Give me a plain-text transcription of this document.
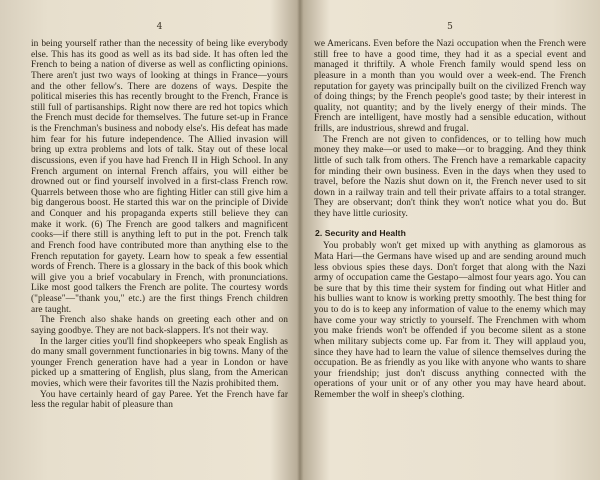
4

in being yourself rather than the necessity of being like everybody else. This has its good as well as its bad side. It has often led the French to being a nation of diverse as well as conflicting opinions. There aren't just two ways of looking at things in France—yours and the other fellow's. There are dozens of ways. Despite the political miseries this has recently brought to the French, France is still full of partisanships. Right now there are red hot topics which the French must decide for themselves. The future set-up in France is the Frenchman's business and nobody else's. His defeat has made him fear for his future independence. The Allied invasion will bring up extra problems and lots of talk. Stay out of these local discussions, even if you have had French II in High School. In any French argument on internal French affairs, you will either be drowned out or find yourself involved in a first-class French row. Quarrels between those who are fighting Hitler can still give him a big dangerous boost. He started this war on the principle of Divide and Conquer and his propaganda experts still believe they can make it work. (6) The French are good talkers and magnificent cooks—if there still is anything left to put in the pot. French talk and French food have contributed more than anything else to the French reputation for gayety. Learn how to speak a few essential words of French. There is a glossary in the back of this book which will give you a brief vocabulary in French, with pronunciations. Like most good talkers the French are polite. The courtesy words ("please"—"thank you," etc.) are the first things French children are taught.

The French also shake hands on greeting each other and on saying goodbye. They are not back-slappers. It's not their way.

In the larger cities you'll find shopkeepers who speak English as do many small government functionaries in big towns. Many of the younger French generation have had a year in London or have picked up a smattering of English, plus slang, from the American movies, which were their favorites till the Nazis prohibited them.

You have certainly heard of gay Paree. Yet the French have far less the regular habit of pleasure than

5

we Americans. Even before the Nazi occupation when the French were still free to have a good time, they had it as a special event and managed it thriftily. A whole French family would spend less on pleasure in a month than you would over a week-end. The French reputation for gayety was principally built on the civilized French way of doing things; by the French people's good taste; by their interest in quality, not quantity; and by the lively energy of their minds. The French are intelligent, have mostly had a sensible education, without frills, are industrious, shrewd and frugal.

The French are not given to confidences, or to telling how much money they make—or used to make—or to bragging. And they think little of such talk from others. The French have a remarkable capacity for minding their own business. Even in the days when they used to travel, before the Nazis shut down on it, the French never used to sit down in a railway train and tell their private affairs to a total stranger. They are observant; don't think they won't notice what you do. But they have little curiosity.

2. Security and Health

You probably won't get mixed up with anything as glamorous as Mata Hari—the Germans have wised up and are sending around much less obvious spies these days. Don't forget that along with the Nazi army of occupation came the Gestapo—almost four years ago. You can be sure that by this time their system for finding out what Hitler and his bullies want to know is working pretty smoothly. The best thing for you to do is to keep any information of value to the enemy which may have come your way strictly to yourself. The Frenchmen with whom you make friends won't be offended if you become silent as a stone when military subjects come up. Far from it. They will applaud you, since they have had to learn the value of silence themselves during the occupation. Be as friendly as you like with anyone who wants to share your friendship; just don't discuss anything connected with the operations of your unit or of any other you may have heard about. Remember the wolf in sheep's clothing.
